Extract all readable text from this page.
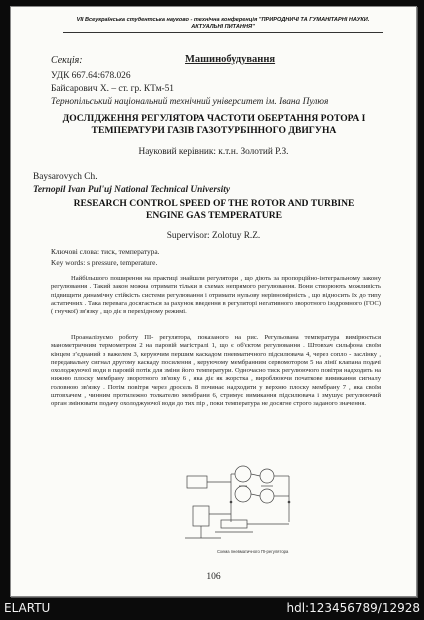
VII Всеукраїнська студентська науково - технічна конференція "ПРИРОДНИЧІ ТА ГУМАНІТАРНІ НАУКИ. АКТУАЛЬНІ ПИТАННЯ"
Секція:	Машинобудування
УДК 667.64:678.026
Байсарович Х. – ст. гр. КТм-51
Тернопільський національний технічний університет ім. Івана Пулюя
ДОСЛІДЖЕННЯ РЕГУЛЯТОРА ЧАСТОТИ ОБЕРТАННЯ РОТОРА І
ТЕМПЕРАТУРИ ГАЗІВ ГАЗОТУРБІННОГО ДВИГУНА
Науковий керівник: к.т.н. Золотий Р.З.
Baysarovych Ch.
Ternopil Ivan Pul'uj National Technical University
RESEARCH CONTROL SPEED OF THE ROTOR AND TURBINE
ENGINE GAS TEMPERATURE
Supervisor: Zolotuy R.Z.
Ключові слова: тиск, температура.
Key words: s pressure, temperature.

Найбільшого поширення на практиці знайшли регулятори , що діють за пропорційно-інтегральному закону регулювання . Такий закон можна отримати тільки в схемах непрямого регулювання. Вони створюють можливість підвищити динамічну стійкість системи регулювання і отримати нульову нерівномірність , що відносить їх до типу астатичних . Така перевага досягається за рахунок введення в регуляторі негативного зворотного ізодромного (ГОС) ( гнучкої) зв'язку , що діє в перехідному режимі.

Проаналізуємо роботу ПІ- регулятора, показаного на рис. Регульована температура вимірюється манометричним термометром 2 на паровій магістралі 1, що є об'єктом регулювання . Штовхач сильфона своїм кінцем зʼєднаний з важелем 3, керуючим першим каскадом пневматичного підсилювача 4, через сопло - заслінку , передавальну сигнал другому каскаду посилення , керуючому мембранним сервомотором 5 на лінії клапана подачі охолоджуючої води в паровій потік для зміни його температури. Одночасно тиск регулюючого повітря надходить на нижню плоску мембрану зворотного зв'язку 6 , яка діє як жорстка , вироблюючи початкове вимикання сигналу головною зв'язку . Потім повітря через дросель 8 починає надходити у верхню плоску мембрану 7 , яка своїм штовхачем , чинним протилежно толкателю мембрани 6, стримує вимикання підсилювача і змушує регулюючий орган змінювати подачу охолоджуючої води до тих пір , поки температура не досягне строго заданого значення.

Схема пневматичного ПІ-регулятора
106
ELARTU	hdl:123456789/12928
